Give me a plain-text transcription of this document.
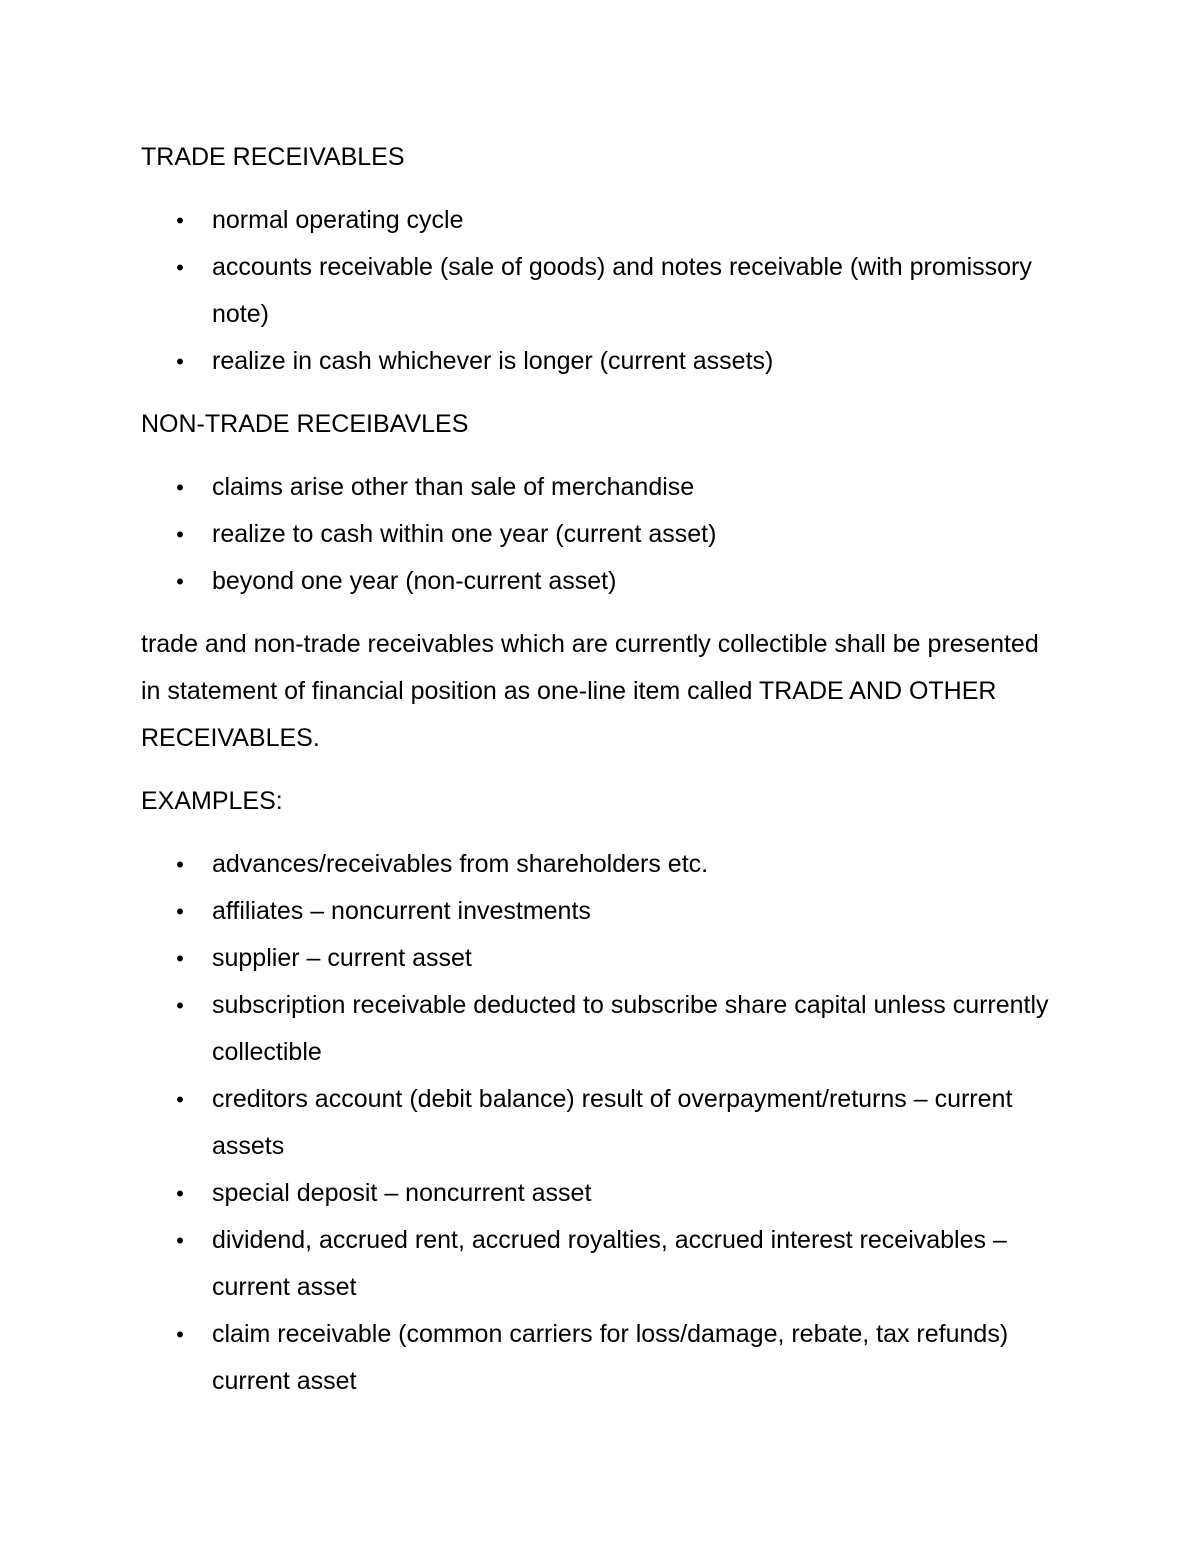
TRADE RECEIVABLES
• normal operating cycle
• accounts receivable (sale of goods) and notes receivable (with promissory note)
• realize in cash whichever is longer (current assets)
NON-TRADE RECEIBAVLES
• claims arise other than sale of merchandise
• realize to cash within one year (current asset)
• beyond one year (non-current asset)

trade and non-trade receivables which are currently collectible shall be presented in statement of financial position as one-line item called TRADE AND OTHER RECEIVABLES.

EXAMPLES:
• advances/receivables from shareholders etc.
• affiliates – noncurrent investments
• supplier – current asset
• subscription receivable deducted to subscribe share capital unless currently collectible
• creditors account (debit balance) result of overpayment/returns – current assets
• special deposit – noncurrent asset
• dividend, accrued rent, accrued royalties, accrued interest receivables – current asset
• claim receivable (common carriers for loss/damage, rebate, tax refunds) current asset
